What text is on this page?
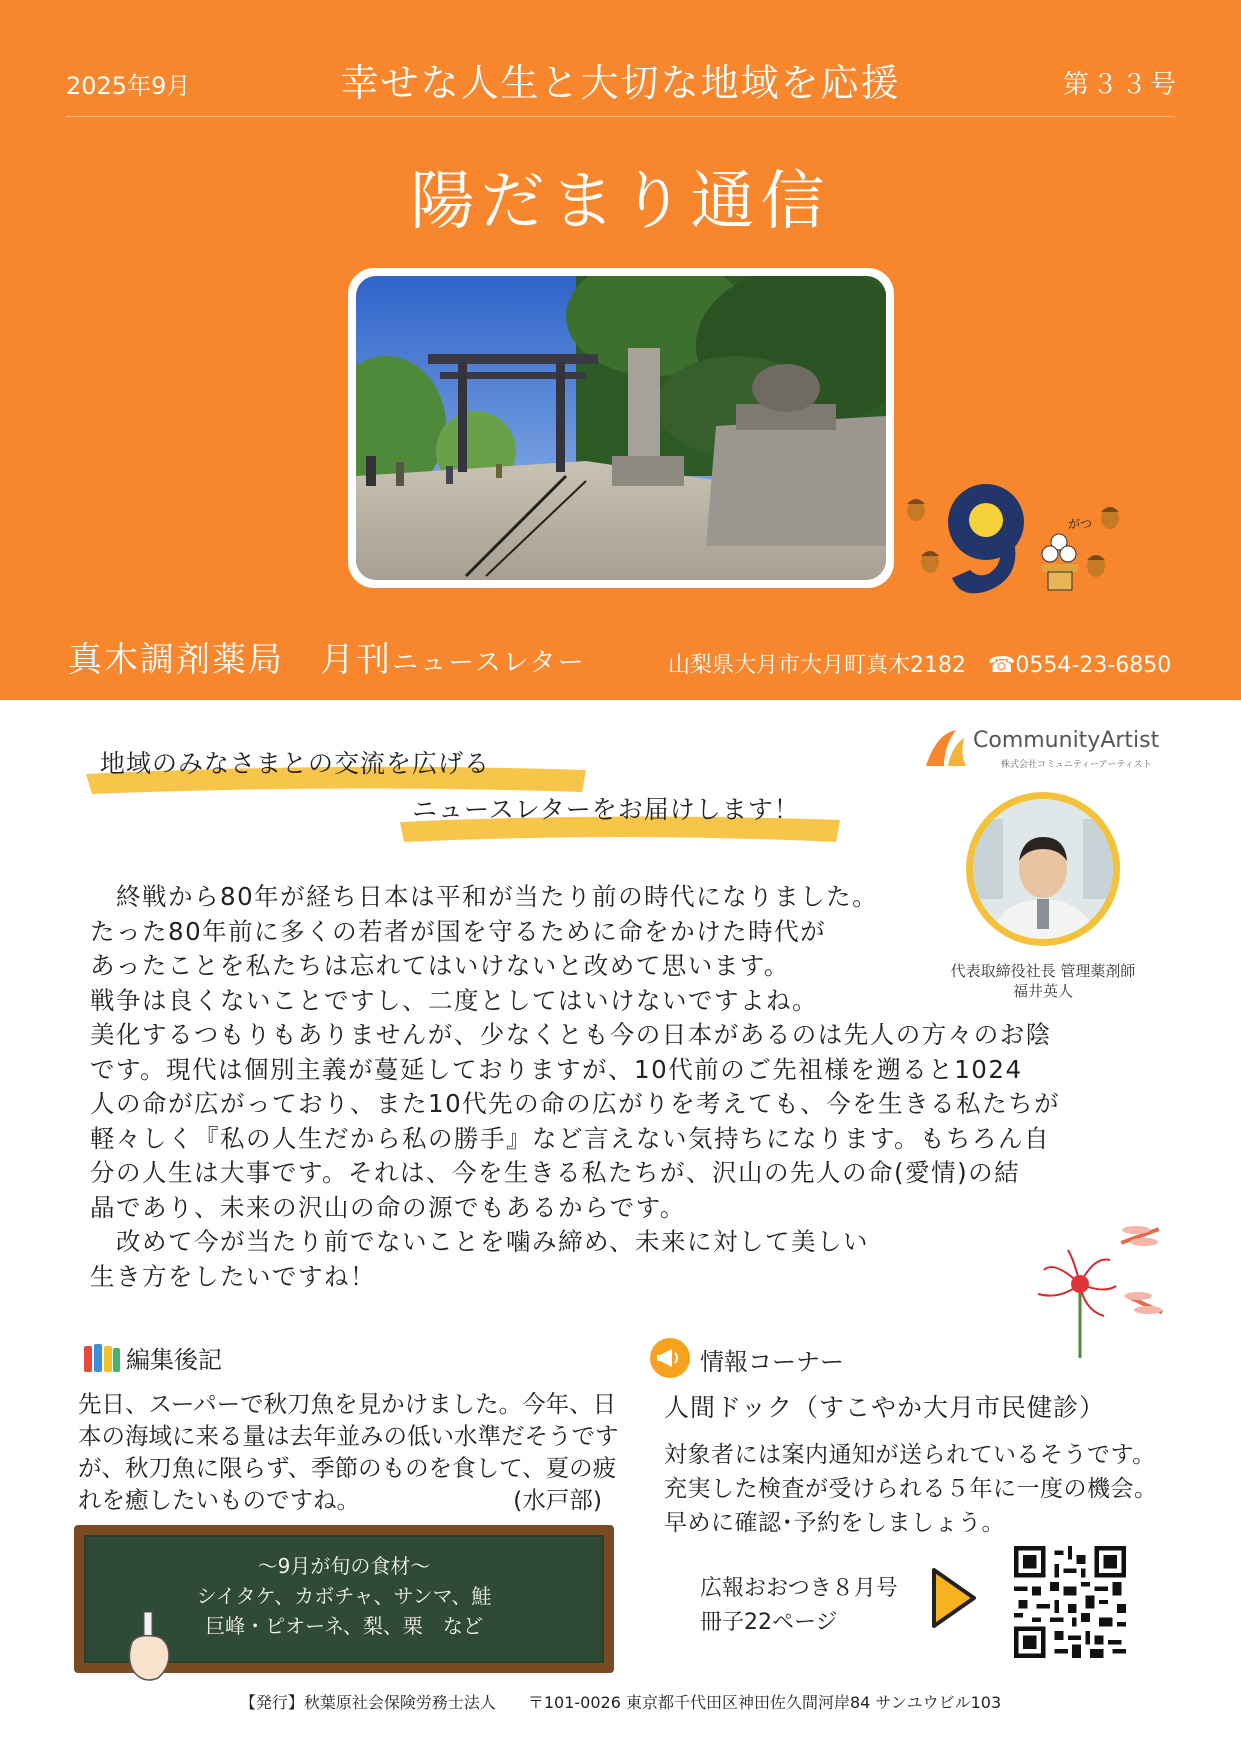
2025年9月	幸せな人生と大切な地域を応援	第３３号
陽だまり通信
がつ
真木調剤薬局　月刊ニュースレター	山梨県大月市大月町真木2182　☎0554-23-6850
CommunityArtist
株式会社コミュニティーアーティスト
地域のみなさまとの交流を広げる
ニュースレターをお届けします！
代表取締役社長 管理薬剤師
福井英人

　終戦から80年が経ち日本は平和が当たり前の時代になりました。

たった80年前に多くの若者が国を守るために命をかけた時代が

あったことを私たちは忘れてはいけないと改めて思います。

戦争は良くないことですし、二度としてはいけないですよね。

美化するつもりもありませんが、少なくとも今の日本があるのは先人の方々のお陰

です。現代は個別主義が蔓延しておりますが、10代前のご先祖様を遡ると1024

人の命が広がっており、また10代先の命の広がりを考えても、今を生きる私たちが

軽々しく『私の人生だから私の勝手』など言えない気持ちになります。もちろん自

分の人生は大事です。それは、今を生きる私たちが、沢山の先人の命(愛情)の結

晶であり、未来の沢山の命の源でもあるからです。

　改めて今が当たり前でないことを噛み締め、未来に対して美しい

生き方をしたいですね！

編集後記

先日、スーパーで秋刀魚を見かけました。今年、日

本の海域に来る量は去年並みの低い水準だそうです

が、秋刀魚に限らず、季節のものを食して、夏の疲

れを癒したいものですね。	(水戸部)

～9月が旬の食材～
シイタケ、カボチャ、サンマ、鮭
巨峰・ピオーネ、梨、栗　など
情報コーナー
人間ドック（すこやか大月市民健診）

対象者には案内通知が送られているそうです。

充実した検査が受けられる５年に一度の機会。

早めに確認･予約をしましょう。

広報おおつき８月号
冊子22ページ
【発行】秋葉原社会保険労務士法人　　〒101-0026 東京都千代田区神田佐久間河岸84 サンユウビル103
